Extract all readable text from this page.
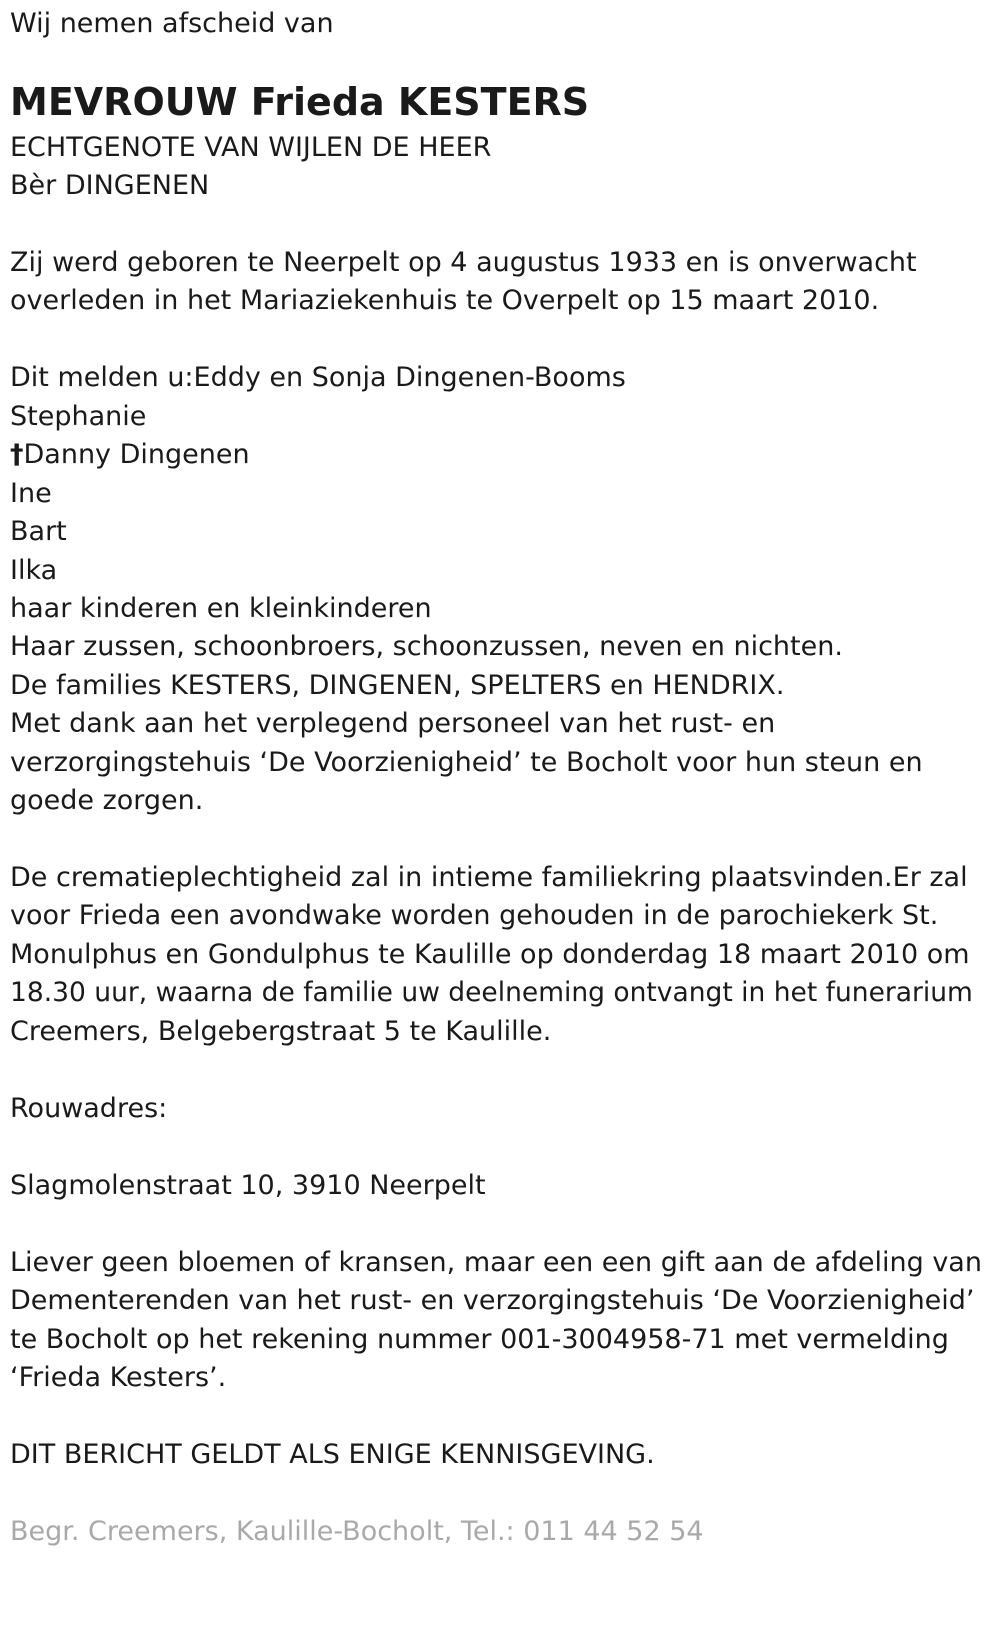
Wij nemen afscheid van

MEVROUW Frieda KESTERS

ECHTGENOTE VAN WIJLEN DE HEER

Bèr DINGENEN

Zij werd geboren te Neerpelt op 4 augustus 1933 en is onverwacht

overleden in het Mariaziekenhuis te Overpelt op 15 maart 2010.

Dit melden u:Eddy en Sonja Dingenen-Booms

Stephanie

†Danny Dingenen

Ine

Bart

Ilka

haar kinderen en kleinkinderen

Haar zussen, schoonbroers, schoonzussen, neven en nichten.

De families KESTERS, DINGENEN, SPELTERS en HENDRIX.

Met dank aan het verplegend personeel van het rust- en

verzorgingstehuis ‘De Voorzienigheid’ te Bocholt voor hun steun en

goede zorgen.

De crematieplechtigheid zal in intieme familiekring plaatsvinden.Er zal

voor Frieda een avondwake worden gehouden in de parochiekerk St.

Monulphus en Gondulphus te Kaulille op donderdag 18 maart 2010 om

18.30 uur, waarna de familie uw deelneming ontvangt in het funerarium

Creemers, Belgebergstraat 5 te Kaulille.

Rouwadres:

Slagmolenstraat 10, 3910 Neerpelt

Liever geen bloemen of kransen, maar een een gift aan de afdeling van

Dementerenden van het rust- en verzorgingstehuis ‘De Voorzienigheid’

te Bocholt op het rekening nummer 001-3004958-71 met vermelding

‘Frieda Kesters’.

DIT BERICHT GELDT ALS ENIGE KENNISGEVING.

Begr. Creemers, Kaulille-Bocholt, Tel.: 011 44 52 54
